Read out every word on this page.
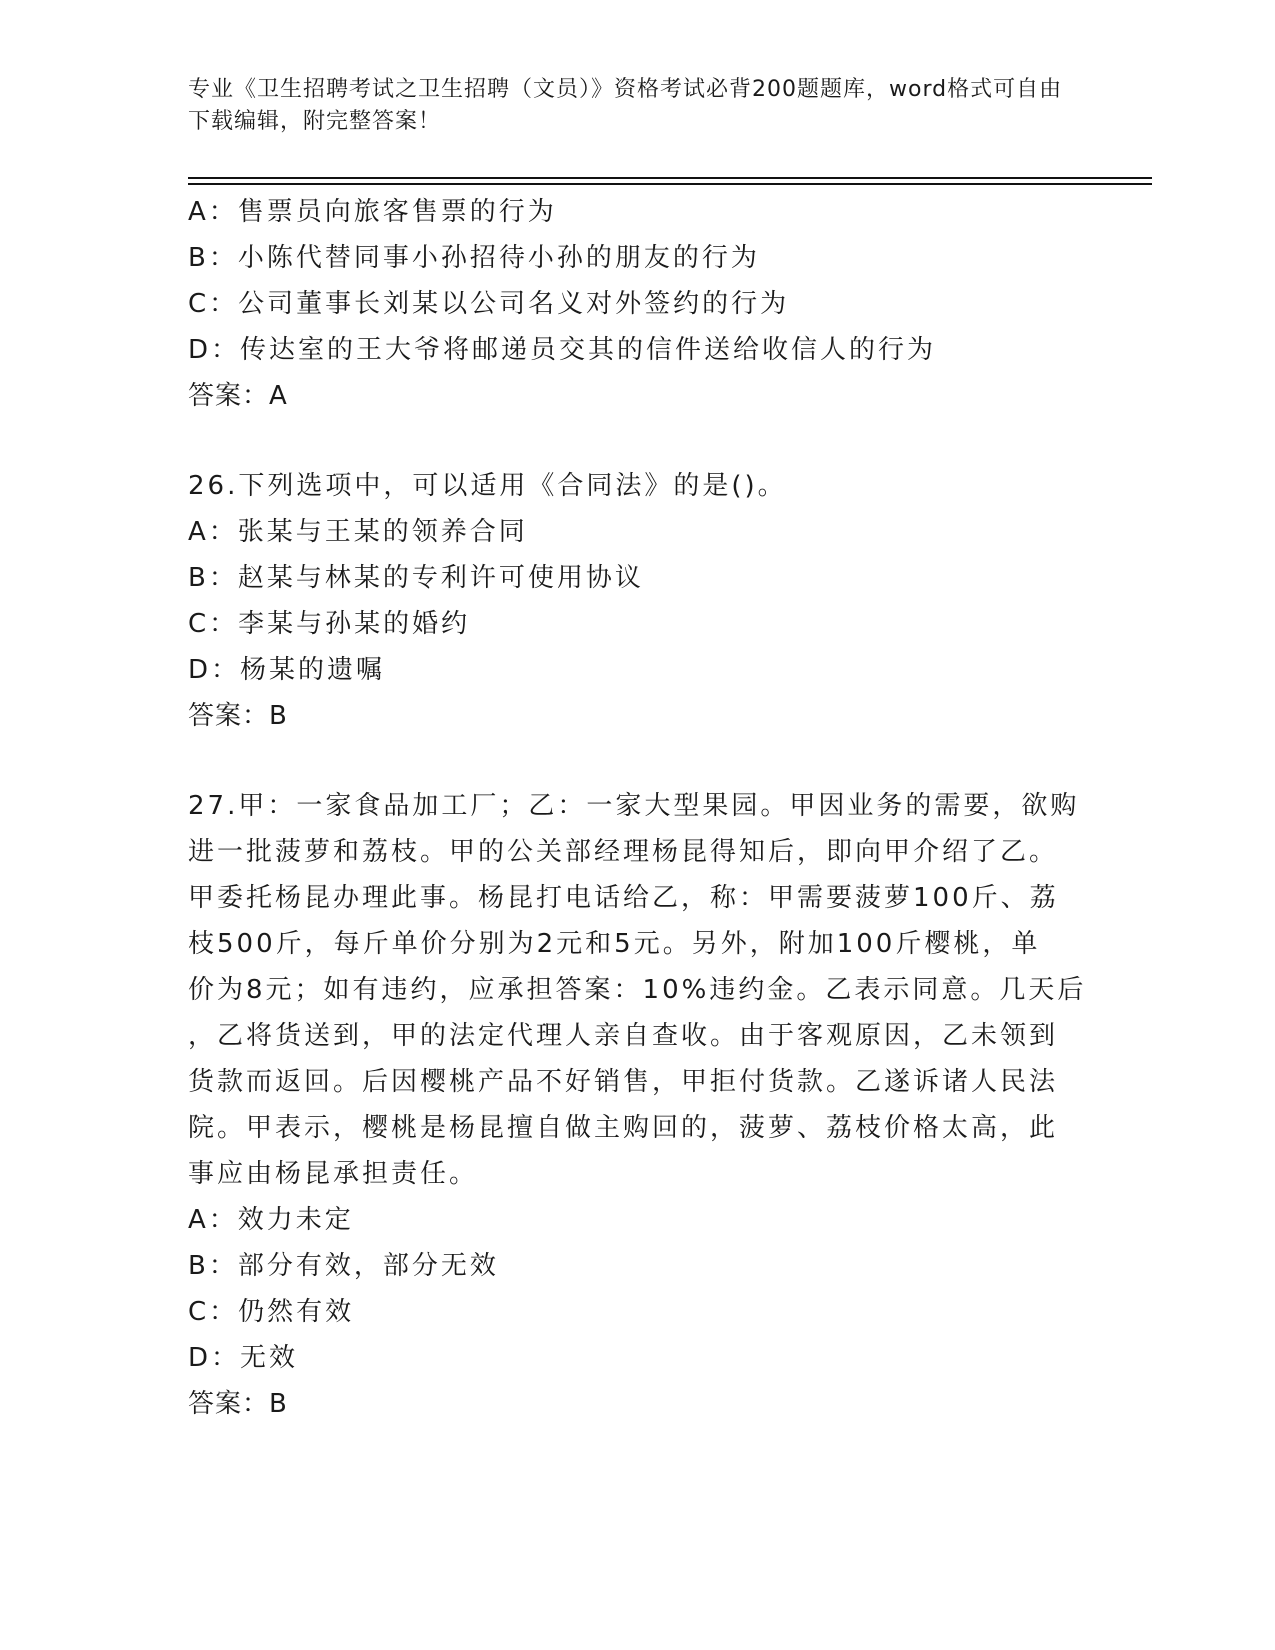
专业《卫生招聘考试之卫生招聘（文员）》资格考试必背200题题库，word格式可自由下载编辑，附完整答案！
A：售票员向旅客售票的行为
B：小陈代替同事小孙招待小孙的朋友的行为
C：公司董事长刘某以公司名义对外签约的行为
D：传达室的王大爷将邮递员交其的信件送给收信人的行为
答案：A
26.下列选项中，可以适用《合同法》的是()。
A：张某与王某的领养合同
B：赵某与林某的专利许可使用协议
C：李某与孙某的婚约
D：杨某的遗嘱
答案：B
27.甲：一家食品加工厂；乙：一家大型果园。甲因业务的需要，欲购
进一批菠萝和荔枝。甲的公关部经理杨昆得知后，即向甲介绍了乙。
甲委托杨昆办理此事。杨昆打电话给乙，称：甲需要菠萝100斤、荔
枝500斤，每斤单价分别为2元和5元。另外，附加100斤樱桃，单
价为8元；如有违约，应承担答案：10%违约金。乙表示同意。几天后
，乙将货送到，甲的法定代理人亲自查收。由于客观原因，乙未领到
货款而返回。后因樱桃产品不好销售，甲拒付货款。乙遂诉诸人民法
院。甲表示，樱桃是杨昆擅自做主购回的，菠萝、荔枝价格太高，此
事应由杨昆承担责任。
A：效力未定
B：部分有效，部分无效
C：仍然有效
D：无效
答案：B
